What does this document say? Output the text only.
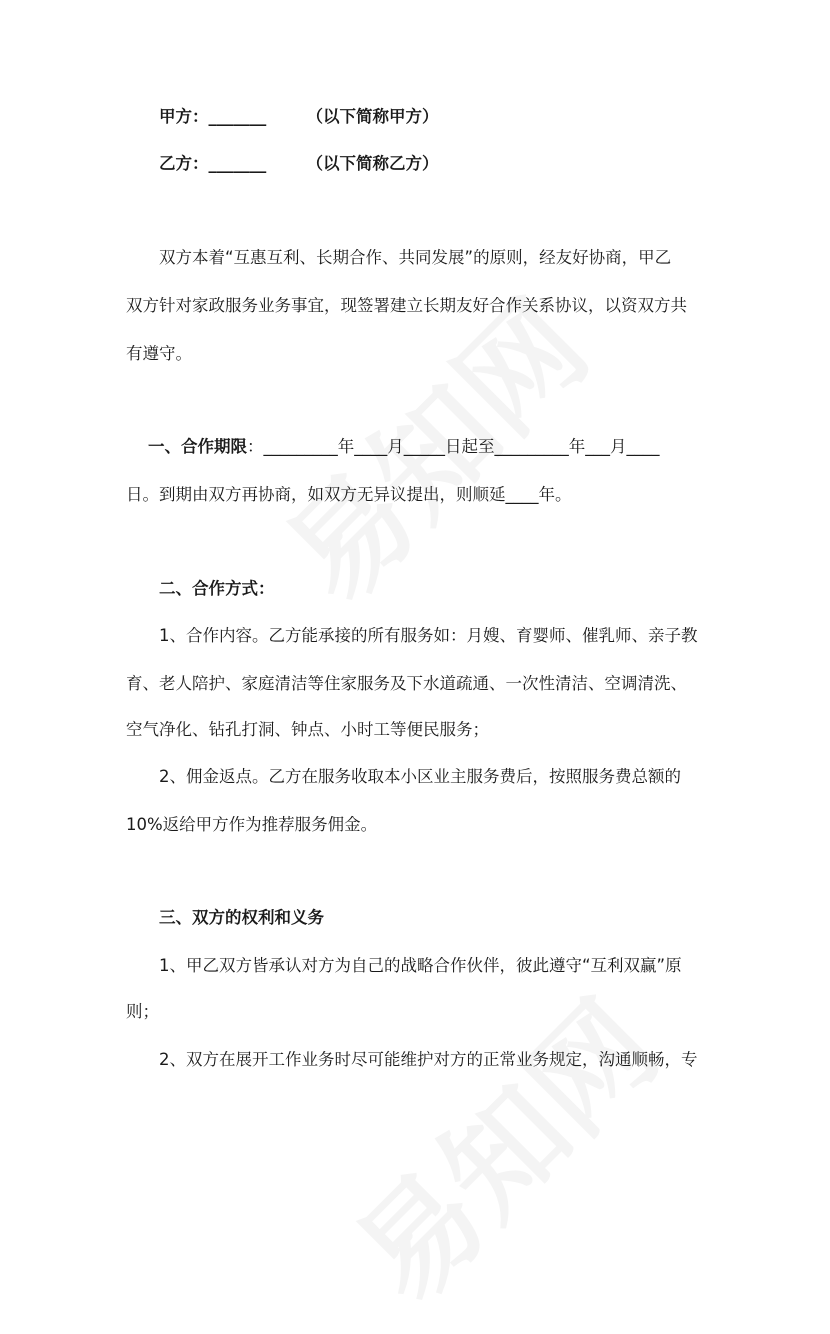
甲方：_______ （以下简称甲方）
乙方：_______ （以下简称乙方）
双方本着“互惠互利、长期合作、共同发展”的原则，经友好协商，甲乙
双方针对家政服务业务事宜，现签署建立长期友好合作关系协议，以资双方共
有遵守。
一、合作期限：_________年____月_____日起至_________年___月____
日。到期由双方再协商，如双方无异议提出，则顺延____年。
二、合作方式：
1、合作内容。乙方能承接的所有服务如：月嫂、育婴师、催乳师、亲子教
育、老人陪护、家庭清洁等住家服务及下水道疏通、一次性清洁、空调清洗、
空气净化、钻孔打洞、钟点、小时工等便民服务；
2、佣金返点。乙方在服务收取本小区业主服务费后，按照服务费总额的
10%返给甲方作为推荐服务佣金。
三、双方的权利和义务
1、甲乙双方皆承认对方为自己的战略合作伙伴，彼此遵守“互利双赢”原
则；
2、双方在展开工作业务时尽可能维护对方的正常业务规定，沟通顺畅，专
